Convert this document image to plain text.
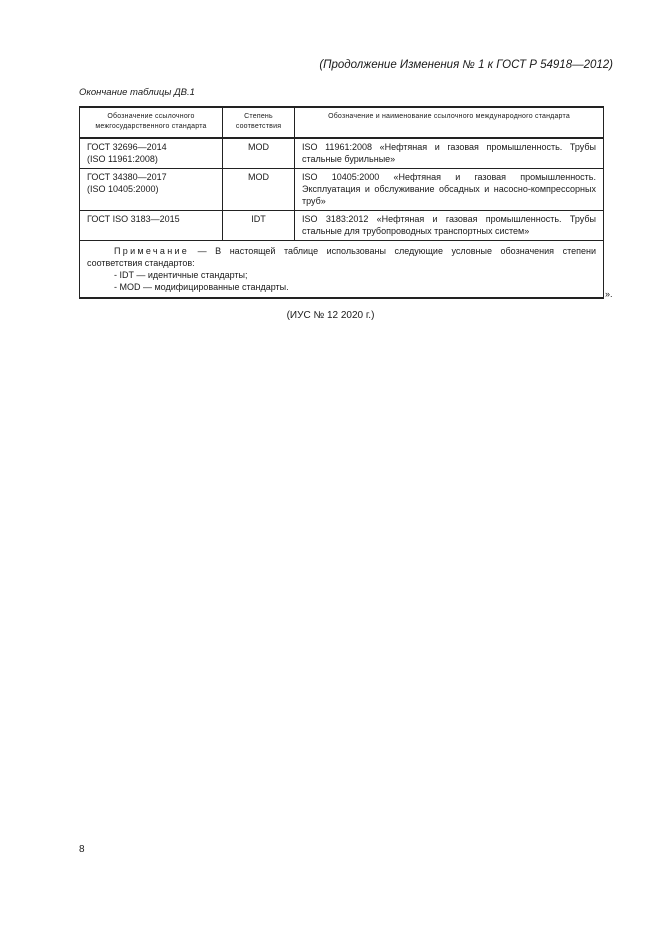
(Продолжение Изменения № 1 к ГОСТ Р 54918—2012)
Окончание таблицы ДВ.1
Обозначение ссылочного межгосударственного стандарта	Степень соответствия	Обозначение и наименование ссылочного международного стандарта

ГОСТ 32696—2014
(ISO 11961:2008)	MOD	ISO 11961:2008 «Нефтяная и газовая промышленность. Трубы стальные бурильные»

ГОСТ 34380—2017
(ISO 10405:2000)	MOD	ISO 10405:2000 «Нефтяная и газовая промышленность. Эксплуатация и обслуживание обсадных и насосно-компрессорных труб»

ГОСТ ISO 3183—2015	IDT	ISO 3183:2012 «Нефтяная и газовая промышленность. Трубы стальные для трубопроводных транспортных систем»

Примечание — В настоящей таблице использованы следующие условные обозначения степени соответствия стандартов:
- IDT — идентичные стандарты;
- MOD — модифицированные стандарты.		
».
(ИУС № 12 2020 г.)
8
